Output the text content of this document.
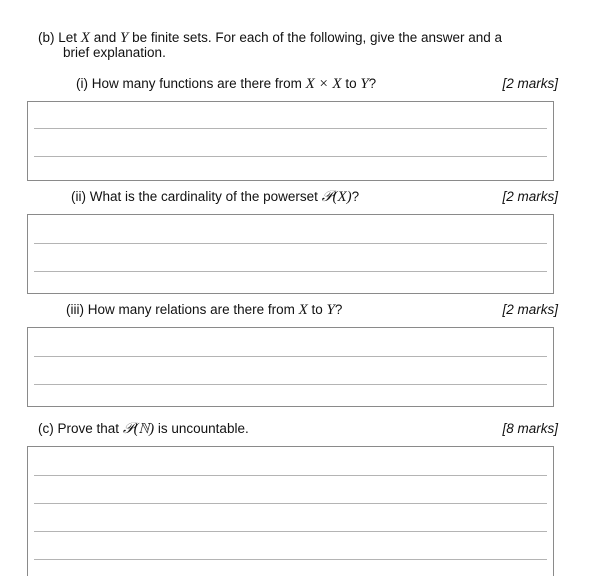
(b) Let X and Y be finite sets. For each of the following, give the answer and a
brief explanation.
(i) How many functions are there from X × X to Y?	[2 marks]
(ii) What is the cardinality of the powerset 𝒫(X)?	[2 marks]
(iii) How many relations are there from X to Y?	[2 marks]
(c) Prove that 𝒫(ℕ) is uncountable.	[8 marks]
